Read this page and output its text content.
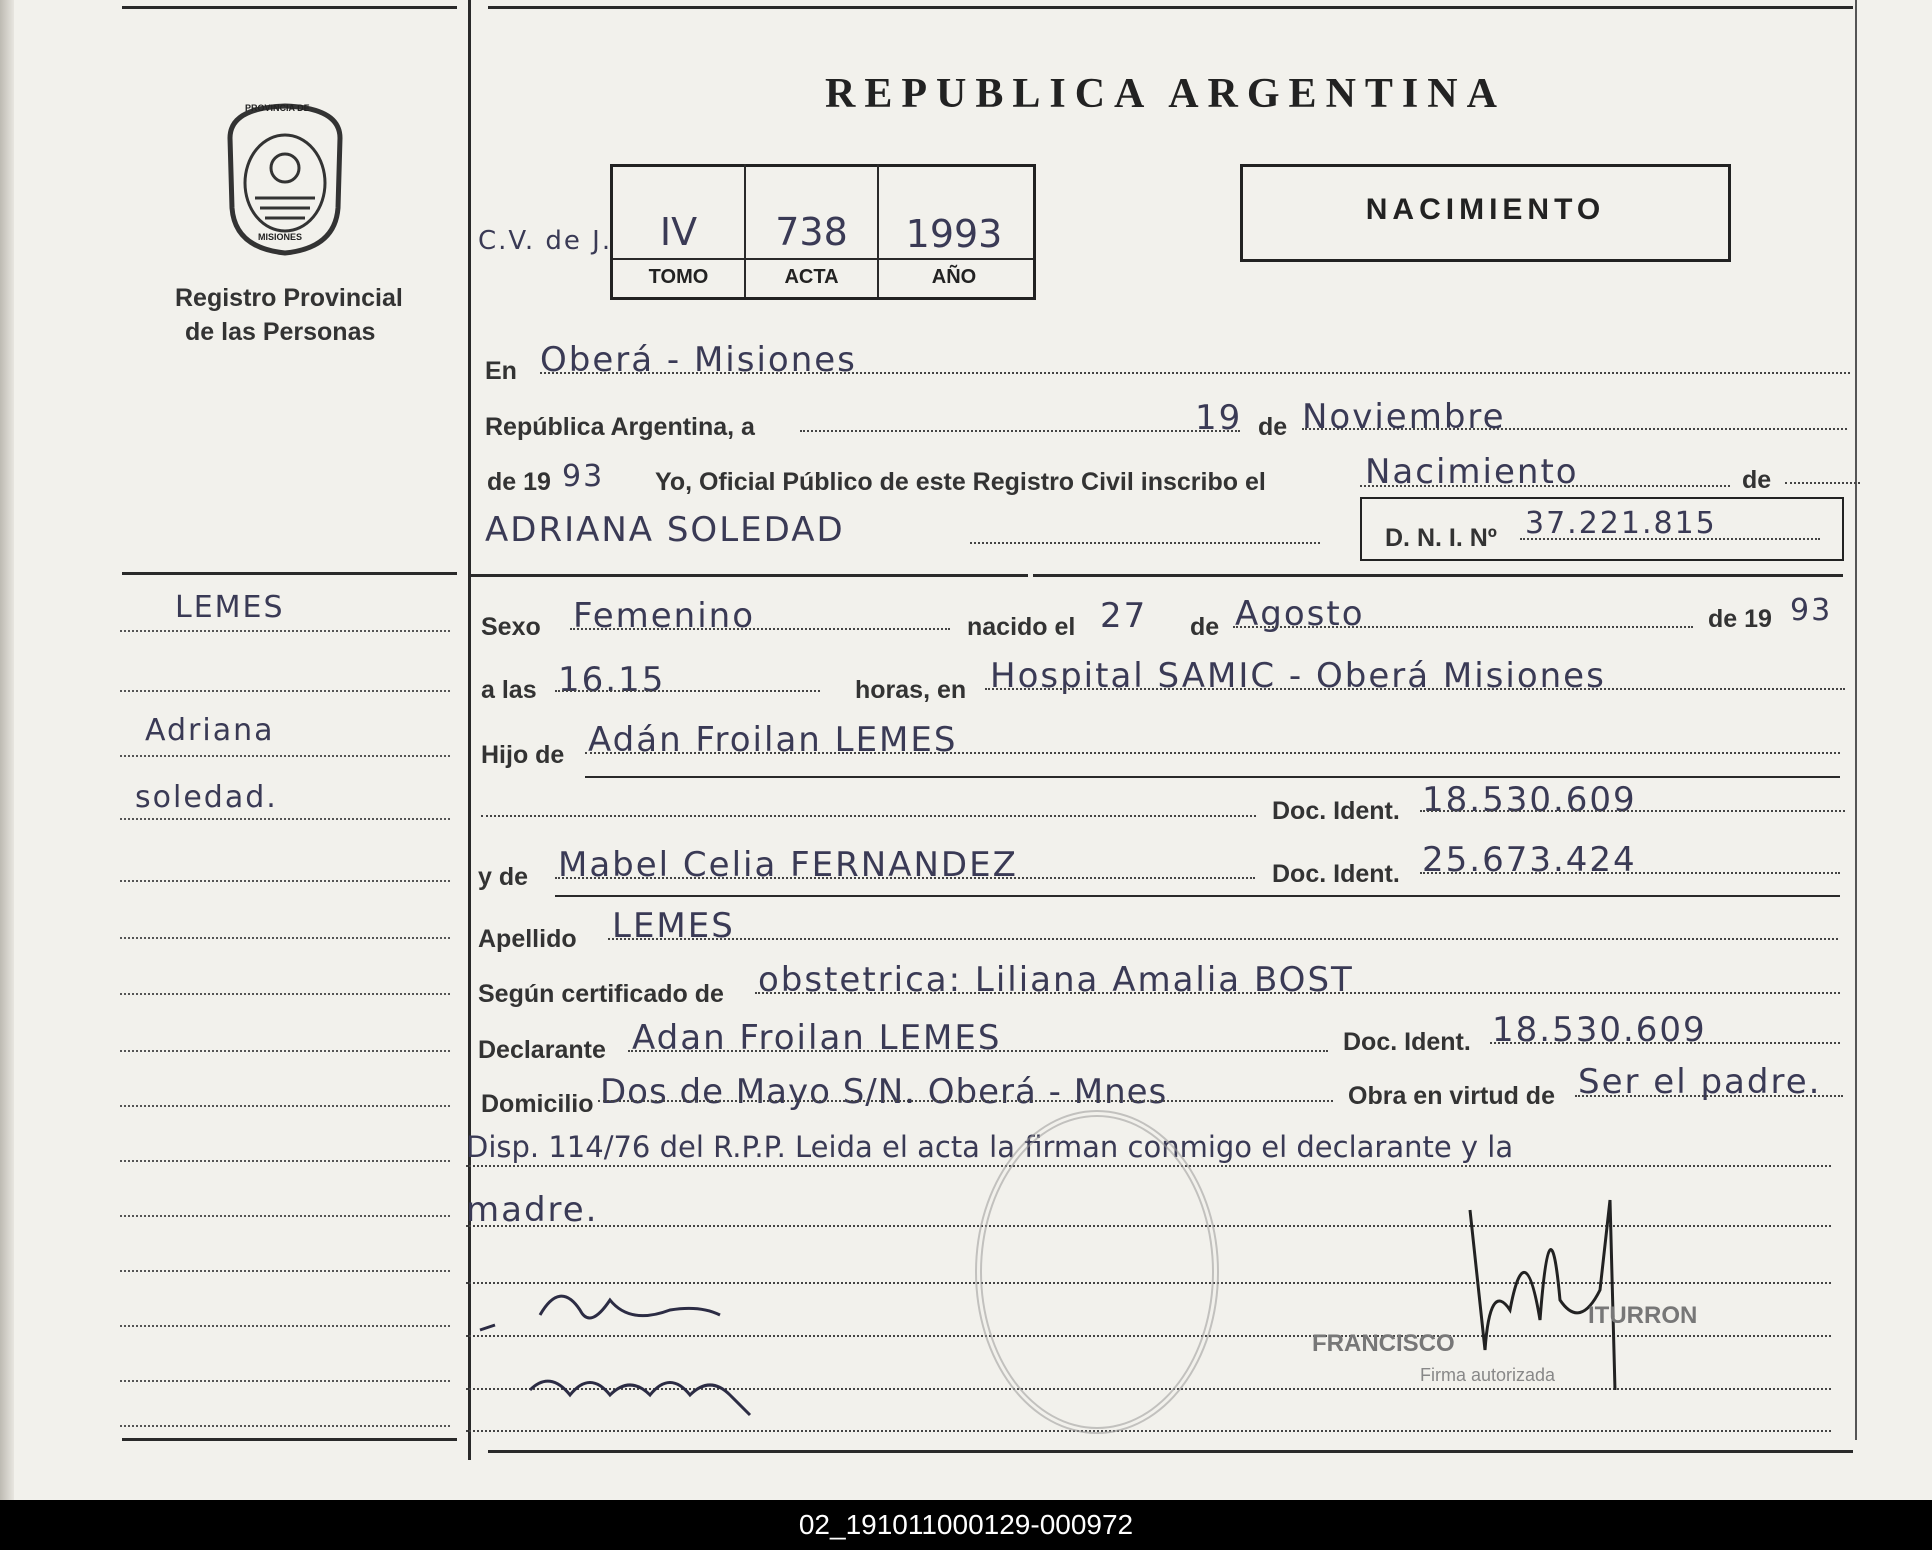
PROVINCIA DE
MISIONES
Registro Provincial
de las Personas
LEMES
Adriana
soledad.
REPUBLICA ARGENTINA
C.V. de J.	IV	738	1993
TOMO	ACTA	AÑO
NACIMIENTO
En Oberá - Misiones
República Argentina, a	19 de Noviembre
de 19 93 Yo, Oficial Público de este Registro Civil inscribo el	Nacimiento	de
ADRIANA SOLEDAD	D. N. I. Nº 37.221.815
Sexo Femenino	nacido el 27 de Agosto	de 19 93
a las 16.15	horas, en Hospital SAMIC - Oberá Misiones
Hijo de Adán Froilan LEMES
Doc. Ident. 18.530.609
y de Mabel Celia FERNANDEZ	Doc. Ident. 25.673.424
Apellido LEMES
Según certificado de obstetrica: Liliana Amalia BOST
Declarante Adan Froilan LEMES	Doc. Ident. 18.530.609
Domicilio Dos de Mayo S/N. Oberá - Mnes	Obra en virtud de Ser el padre.
Disp. 114/76 del R.P.P. Leida el acta la firman conmigo el declarante y la
madre.
FRANCISCO
ITURRON
Firma autorizada
02_191011000129-000972
